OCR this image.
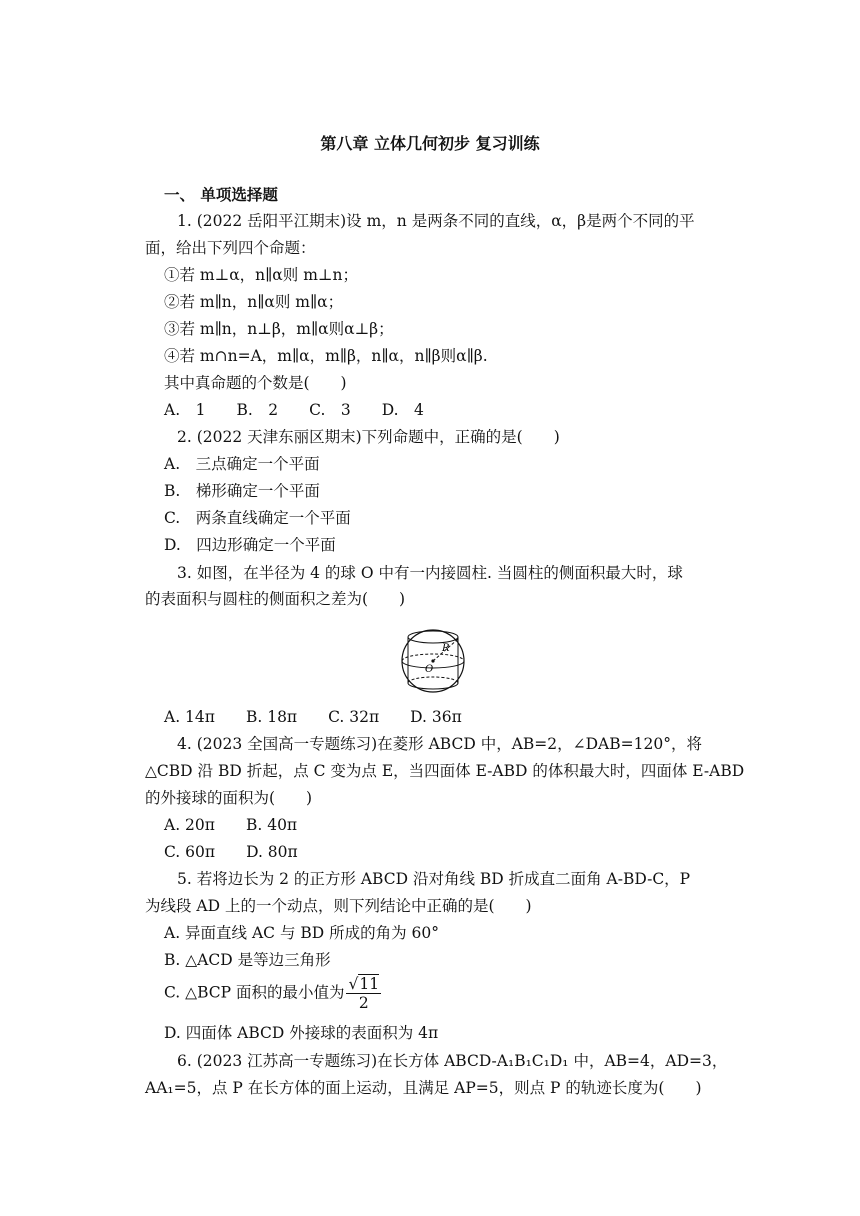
第八章 立体几何初步 复习训练
一、 单项选择题
1. (2022 岳阳平江期末)设 m，n 是两条不同的直线，α，β是两个不同的平
面，给出下列四个命题：
①若 m⊥α，n∥α则 m⊥n；
②若 m∥n，n∥α则 m∥α；
③若 m∥n，n⊥β，m∥α则α⊥β；
④若 m∩n=A，m∥α，m∥β，n∥α，n∥β则α∥β.
其中真命题的个数是(　　)
A.　1　　B.　2　　C.　3　　D.　4
2. (2022 天津东丽区期末)下列命题中，正确的是(　　)
A.　三点确定一个平面
B.　梯形确定一个平面
C.　两条直线确定一个平面
D.　四边形确定一个平面
3. 如图，在半径为 4 的球 O 中有一内接圆柱. 当圆柱的侧面积最大时，球
的表面积与圆柱的侧面积之差为(　　)
R
O
A. 14π　　B. 18π　　C. 32π　　D. 36π
4. (2023 全国高一专题练习)在菱形 ABCD 中，AB=2，∠DAB=120°，将
△CBD 沿 BD 折起，点 C 变为点 E，当四面体 E-ABD 的体积最大时，四面体 E-ABD
的外接球的面积为(　　)
A. 20π　　B. 40π
C. 60π　　D. 80π
5. 若将边长为 2 的正方形 ABCD 沿对角线 BD 折成直二面角 A-BD-C，P
为线段 AD 上的一个动点，则下列结论中正确的是(　　)
A. 异面直线 AC 与 BD 所成的角为 60°
B. △ACD 是等边三角形
C. △BCP 面积的最小值为 $\frac{√11}{2}$
D. 四面体 ABCD 外接球的表面积为 4π
6. (2023 江苏高一专题练习)在长方体 ABCD-A₁B₁C₁D₁ 中，AB=4，AD=3，
AA₁=5，点 P 在长方体的面上运动，且满足 AP=5，则点 P 的轨迹长度为(　　)
